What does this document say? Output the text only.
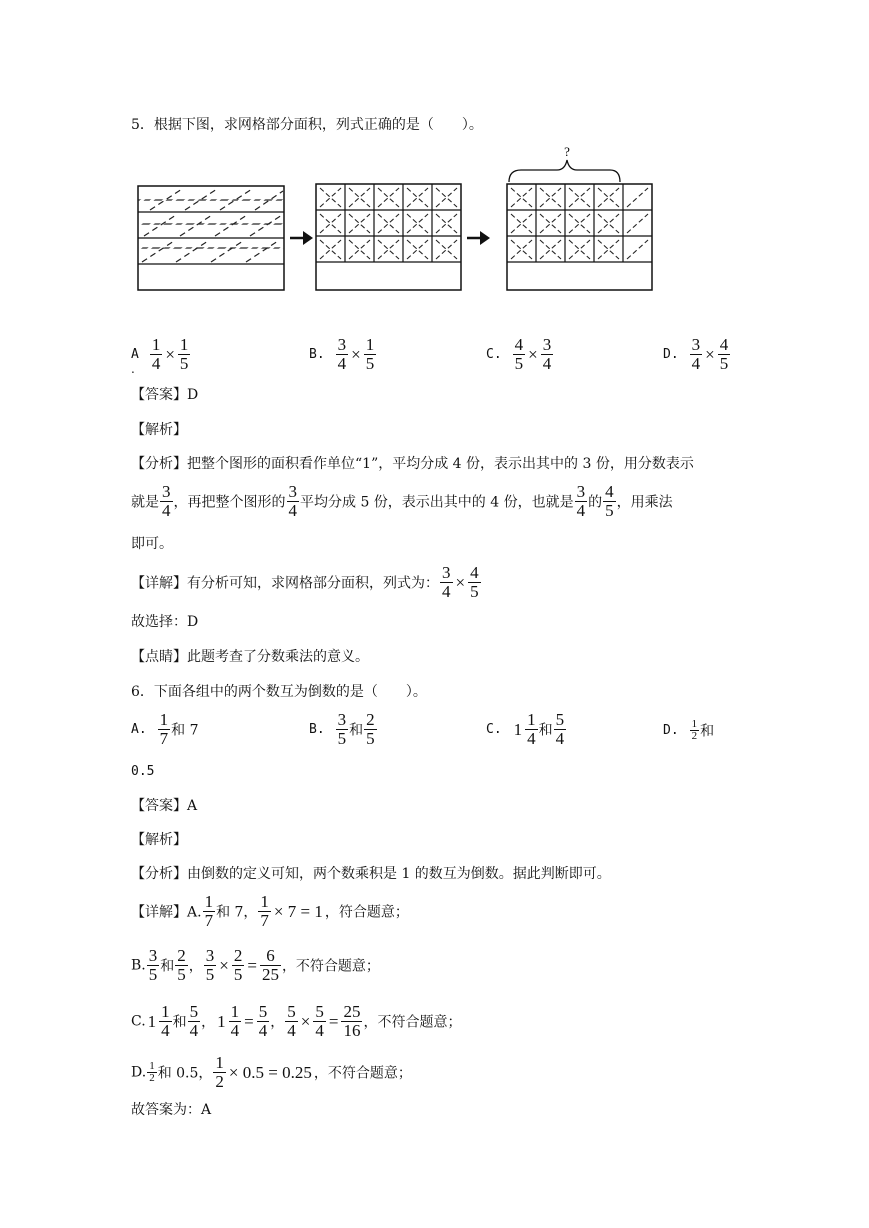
5．根据下图，求网格部分面积，列式正确的是（　　）。
?
A $\frac{1}{4} \times \frac{1}{5}$
.
B. $\frac{3}{4} \times \frac{1}{5}$	C. $\frac{4}{5} \times \frac{3}{4}$	D. $\frac{3}{4} \times \frac{4}{5}$
【答案】D
【解析】
【分析】把整个图形的面积看作单位“1”，平均分成 4 份，表示出其中的 3 份，用分数表示
就是 $\frac{3}{4}$ ，再把整个图形的 $\frac{3}{4}$ 平均分成 5 份，表示出其中的 4 份，也就是 $\frac{3}{4}$ 的 $\frac{4}{5}$ ，用乘法
即可。
【详解】有分析可知，求网格部分面积，列式为： $\frac{3}{4} \times \frac{4}{5}$
故选择：D
【点睛】此题考查了分数乘法的意义。
6．下面各组中的两个数互为倒数的是（　　）。
A. $\frac{1}{7}$ 和 7	B. $\frac{3}{5}$ 和 $\frac{2}{5}$	C. $1 \frac{1}{4}$ 和 $\frac{5}{4}$	D. $\frac{1}{2}$ 和
0.5
【答案】A
【解析】
【分析】由倒数的定义可知，两个数乘积是 1 的数互为倒数。据此判断即可。
【详解】A. $\frac{1}{7}$ 和 7， $\frac{1}{7} \times 7 = 1$ ，符合题意；
B. $\frac{3}{5}$ 和 $\frac{2}{5}$ ， $\frac{3}{5} \times \frac{2}{5} = \frac{6}{25}$ ，不符合题意；
C. $1 \frac{1}{4}$ 和 $\frac{5}{4}$ ， $1 \frac{1}{4} = \frac{5}{4}$ ， $\frac{5}{4} \times \frac{5}{4} = \frac{25}{16}$ ，不符合题意；
D. $\frac{1}{2}$ 和 0.5， $\frac{1}{2} \times 0.5 = 0.25$ ，不符合题意；
故答案为：A
